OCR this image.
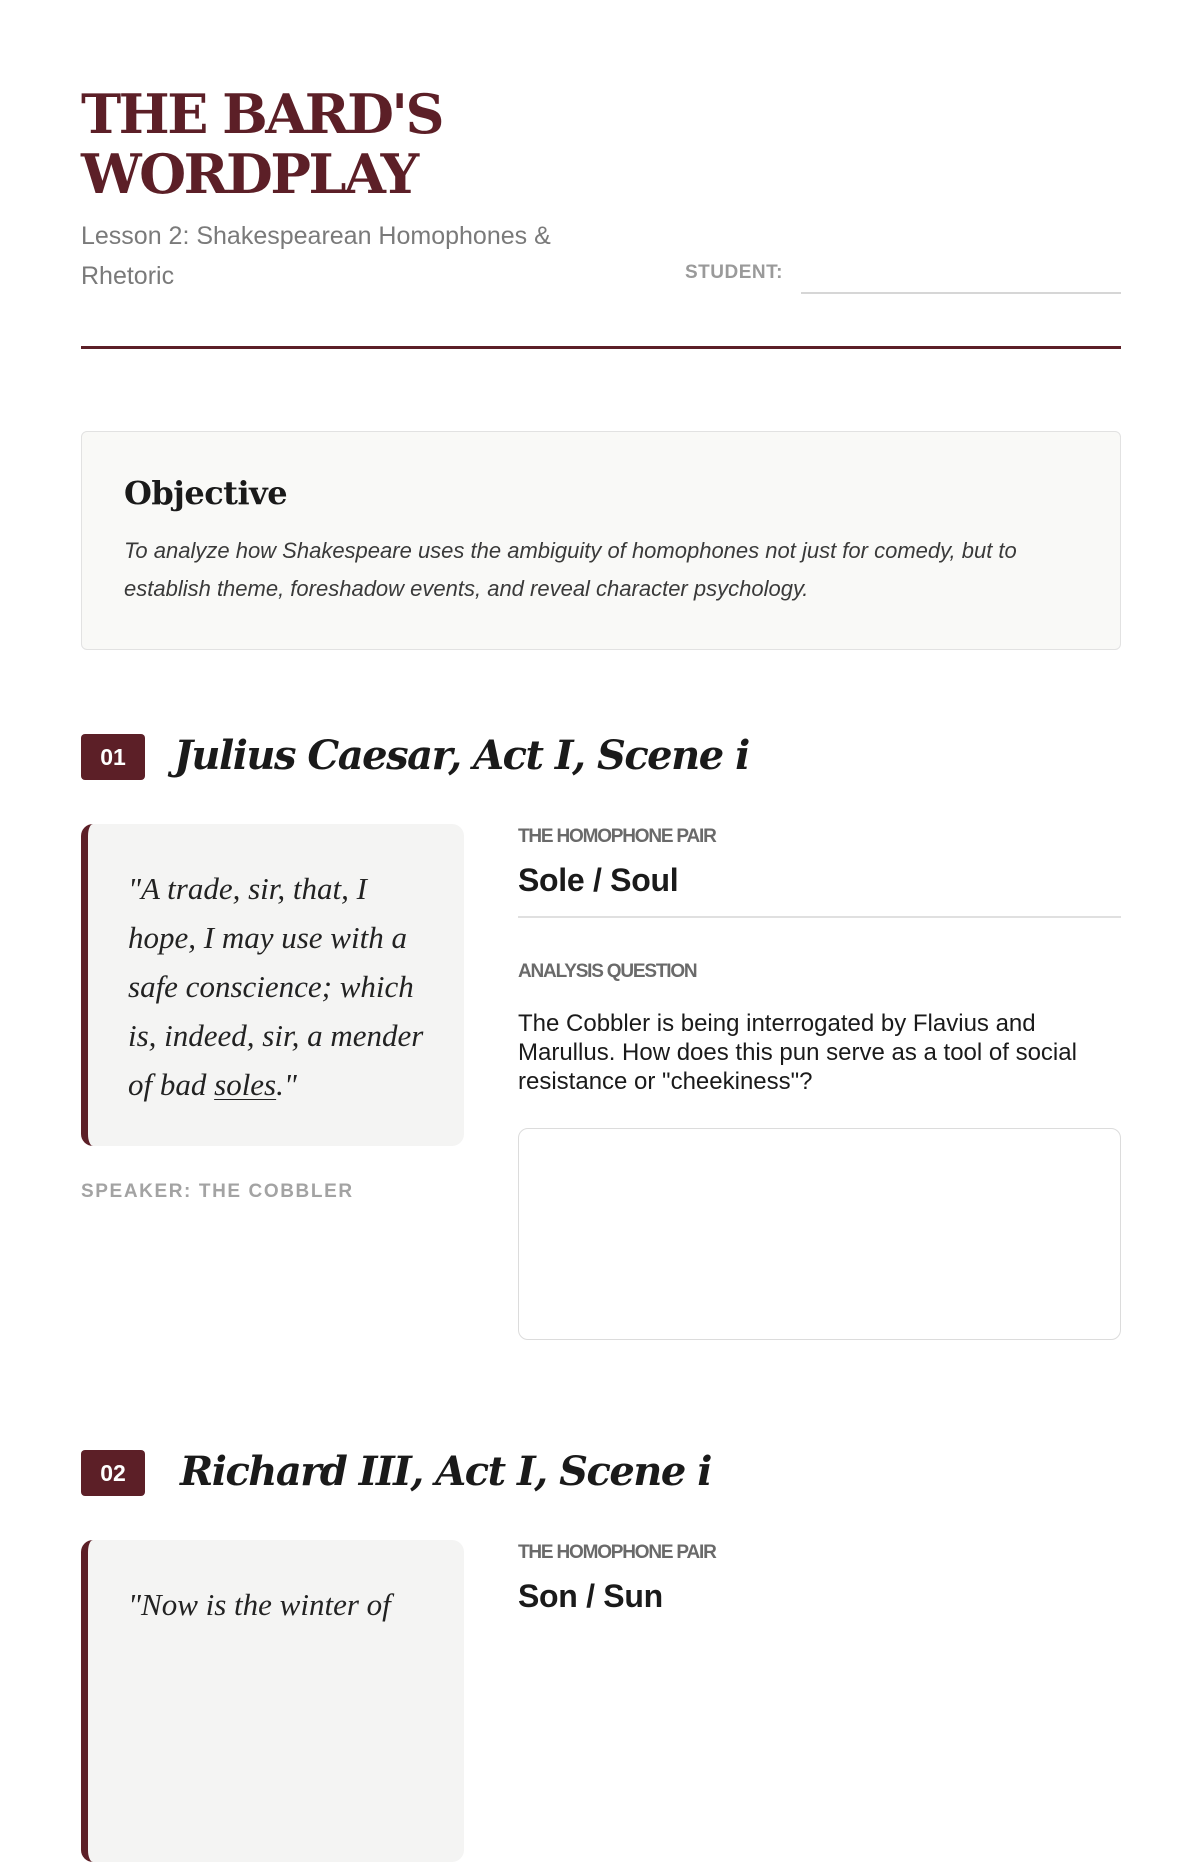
THE BARD'S
WORDPLAY
Lesson 2: Shakespearean Homophones & Rhetoric	STUDENT:
Objective
To analyze how Shakespeare uses the ambiguity of homophones not just for comedy, but to establish theme, foreshadow events, and reveal character psychology.
01	Julius Caesar, Act I, Scene i
"A trade, sir, that, I hope, I may use with a safe conscience; which is, indeed, sir, a mender of bad soles."
SPEAKER: THE COBBLER
THE HOMOPHONE PAIR
Sole / Soul
ANALYSIS QUESTION
The Cobbler is being interrogated by Flavius and Marullus. How does this pun serve as a tool of social resistance or "cheekiness"?
02	Richard III, Act I, Scene i
"Now is the winter of
THE HOMOPHONE PAIR
Son / Sun
